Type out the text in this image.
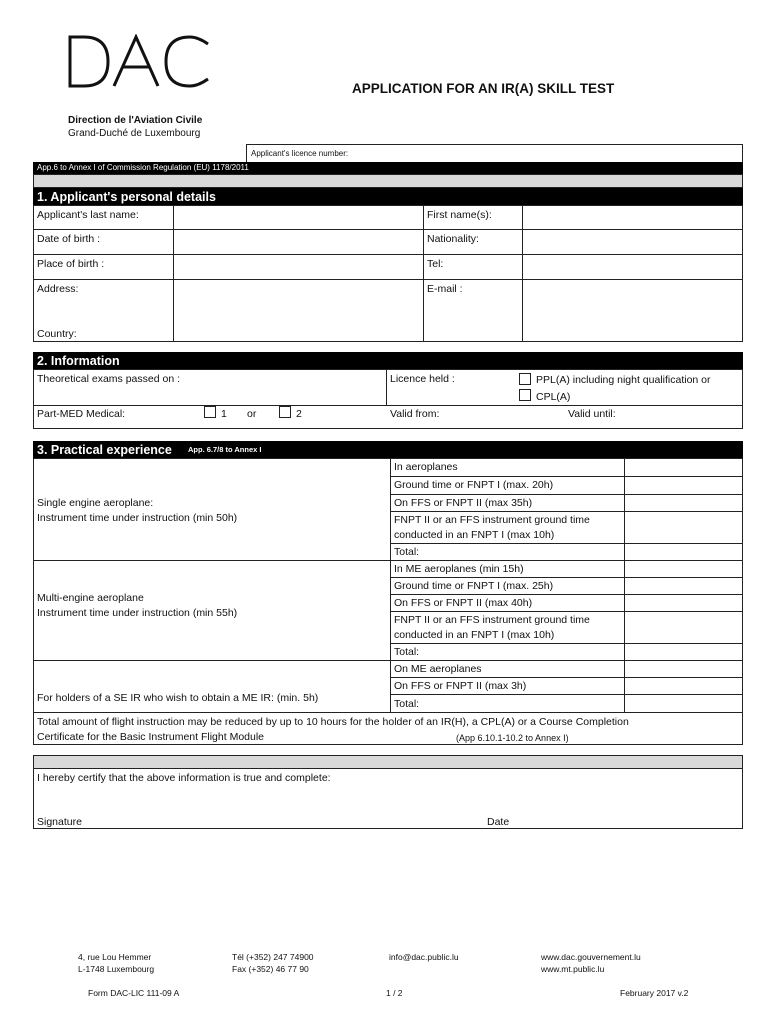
Direction de l'Aviation Civile
Grand-Duché de Luxembourg
APPLICATION FOR AN IR(A) SKILL TEST
Applicant's licence number:
App.6 to Annex I of Commission Regulation (EU) 1178/2011
1. Applicant's personal details
Applicant's last name:	First name(s):
Date of birth :	Nationality:
Place of birth :	Tel:
Address:	E-mail :
Country:
2. Information
Theoretical exams passed on :	Licence held :	PPL(A) including night qualification or
CPL(A)
Part-MED Medical:	1 or	2	Valid from:	Valid until:
3. Practical experience App. 6.7/8 to Annex I
Single engine aeroplane:
Instrument time under instruction (min 50h)
In aeroplanes
Ground time or FNPT I (max. 20h)
On FFS or FNPT II (max 35h)
FNPT II or an FFS instrument ground time
conducted in an FNPT I (max 10h)
Total:
Multi-engine aeroplane
Instrument time under instruction (min 55h)
In ME aeroplanes (min 15h)
Ground time or FNPT I (max. 25h)
On FFS or FNPT II (max 40h)
FNPT II or an FFS instrument ground time
conducted in an FNPT I (max 10h)
Total:
For holders of a SE IR who wish to obtain a ME IR: (min. 5h)
On ME aeroplanes
On FFS or FNPT II (max 3h)
Total:
Total amount of flight instruction may be reduced by up to 10 hours for the holder of an IR(H), a CPL(A) or a Course Completion
Certificate for the Basic Instrument Flight Module	(App 6.10.1-10.2 to Annex I)
I hereby certify that the above information is true and complete:
Signature	Date
4, rue Lou Hemmer
L-1748 Luxembourg
Tél (+352) 247 74900
Fax (+352) 46 77 90
info@dac.public.lu	www.dac.gouvernement.lu
www.mt.public.lu
Form DAC-LIC 111-09 A	1 / 2	February 2017 v.2
